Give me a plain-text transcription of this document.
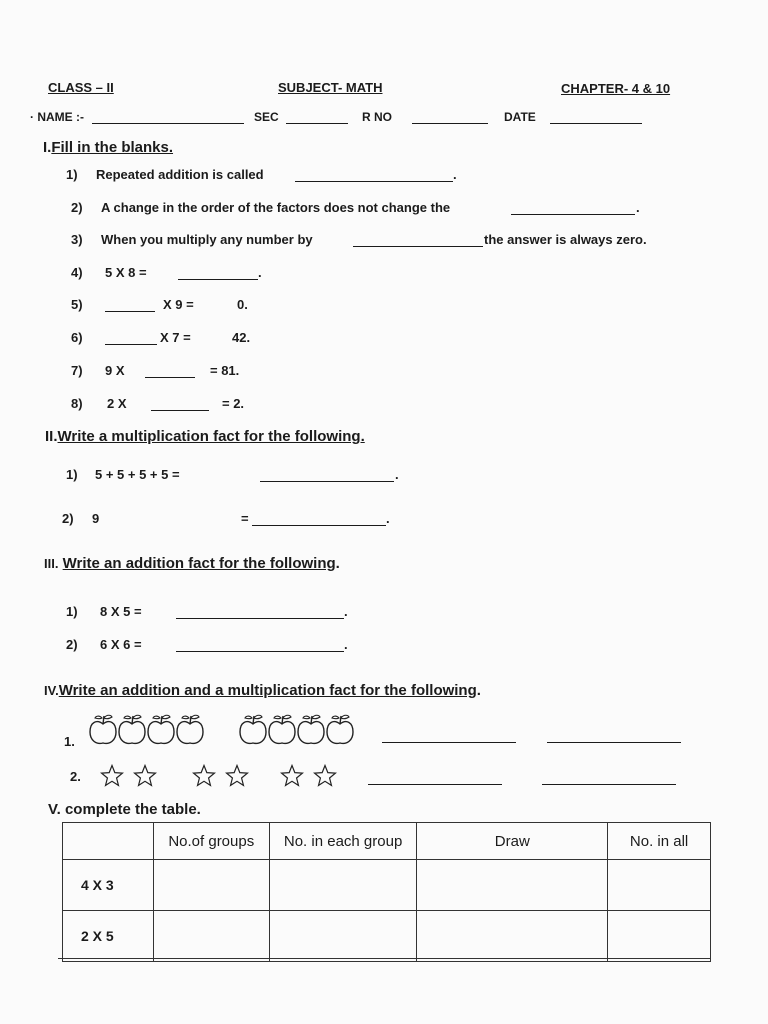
CLASS – II	SUBJECT- MATH	CHAPTER- 4 & 10
· NAME :-	SEC	R NO	DATE
I.Fill in the blanks.
1) Repeated addition is called	.
2) A change in the order of the factors does not change the	.
3) When you multiply any number by	the answer is always zero.
4) 5 X 8 =	.
5)	X 9 =	0.
6)	X 7 =	42.
7) 9 X	= 81.
8) 2 X	= 2.
II.Write a multiplication fact for the following.
1) 5 + 5 + 5 + 5 =	.
2) 9	=	.
III. Write an addition fact for the following.
1) 8 X 5 =	.
2) 6 X 6 =	.
IV.Write an addition and a multiplication fact for the following.
1.
2.
V. complete the table.
	No.of groups	No. in each group	Draw	No. in all
4 X 3				
2 X 5				
